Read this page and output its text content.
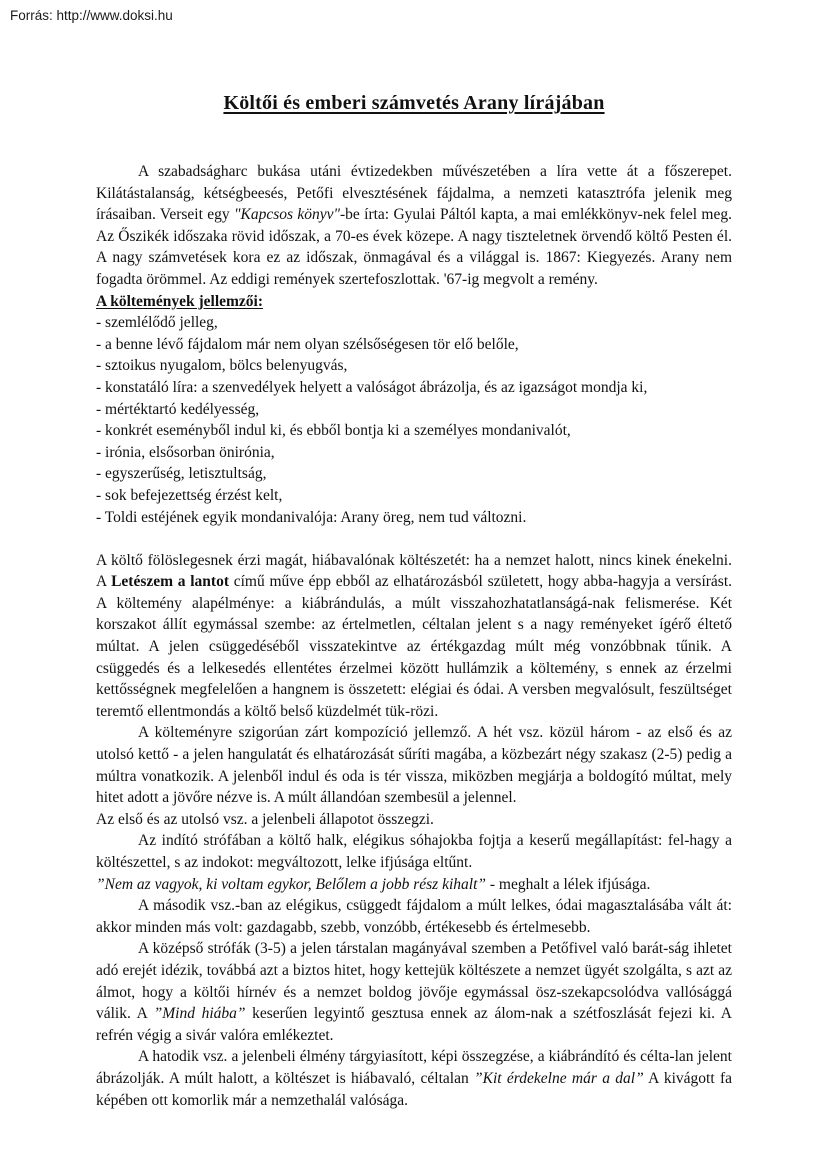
Forrás: http://www.doksi.hu
Költői és emberi számvetés Arany lírájában

A szabadságharc bukása utáni évtizedekben művészetében a líra vette át a főszerepet. Kilátástalanság, kétségbeesés, Petőfi elvesztésének fájdalma, a nemzeti katasztrófa jelenik meg írásaiban. Verseit egy "Kapcsos könyv"-be írta: Gyulai Páltól kapta, a mai emlékkönyv-nek felel meg. Az Őszikék időszaka rövid időszak, a 70-es évek közepe. A nagy tiszteletnek örvendő költő Pesten él. A nagy számvetések kora ez az időszak, önmagával és a világgal is. 1867: Kiegyezés. Arany nem fogadta örömmel. Az eddigi remények szertefoszlottak. '67-ig megvolt a remény.

A költemények jellemzői:

- szemlélődő jelleg,

- a benne lévő fájdalom már nem olyan szélsőségesen tör elő belőle,

- sztoikus nyugalom, bölcs belenyugvás,

- konstatáló líra: a szenvedélyek helyett a valóságot ábrázolja, és az igazságot mondja ki,

- mértéktartó kedélyesség,

- konkrét eseményből indul ki, és ebből bontja ki a személyes mondanivalót,

- irónia, elsősorban önirónia,

- egyszerűség, letisztultság,

- sok befejezettség érzést kelt,

- Toldi estéjének egyik mondanivalója: Arany öreg, nem tud változni.

A költő fölöslegesnek érzi magát, hiábavalónak költészetét: ha a nemzet halott, nincs kinek énekelni. A Letészem a lantot című műve épp ebből az elhatározásból született, hogy abba-hagyja a versírást. A költemény alapélménye: a kiábrándulás, a múlt visszahozhatatlanságá-nak felismerése. Két korszakot állít egymással szembe: az értelmetlen, céltalan jelent s a nagy reményeket ígérő éltető múltat. A jelen csüggedéséből visszatekintve az értékgazdag múlt még vonzóbbnak tűnik. A csüggedés és a lelkesedés ellentétes érzelmei között hullámzik a költemény, s ennek az érzelmi kettősségnek megfelelően a hangnem is összetett: elégiai és ódai. A versben megvalósult, feszültséget teremtő ellentmondás a költő belső küzdelmét tük-rözi.

A költeményre szigorúan zárt kompozíció jellemző. A hét vsz. közül három - az első és az utolsó kettő - a jelen hangulatát és elhatározását sűríti magába, a közbezárt négy szakasz (2-5) pedig a múltra vonatkozik. A jelenből indul és oda is tér vissza, miközben megjárja a boldogító múltat, mely hitet adott a jövőre nézve is. A múlt állandóan szembesül a jelennel.

Az első és az utolsó vsz. a jelenbeli állapotot összegzi.

Az indító strófában a költő halk, elégikus sóhajokba fojtja a keserű megállapítást: fel-hagy a költészettel, s az indokot: megváltozott, lelke ifjúsága eltűnt.

”Nem az vagyok, ki voltam egykor, Belőlem a jobb rész kihalt” - meghalt a lélek ifjúsága.

A második vsz.-ban az elégikus, csüggedt fájdalom a múlt lelkes, ódai magasztalásába vált át: akkor minden más volt: gazdagabb, szebb, vonzóbb, értékesebb és értelmesebb.

A középső strófák (3-5) a jelen társtalan magányával szemben a Petőfivel való barát-ság ihletet adó erejét idézik, továbbá azt a biztos hitet, hogy kettejük költészete a nemzet ügyét szolgálta, s azt az álmot, hogy a költői hírnév és a nemzet boldog jövője egymással ösz-szekapcsolódva vallósággá válik. A ”Mind hiába” keserűen legyintő gesztusa ennek az álom-nak a szétfoszlását fejezi ki. A refrén végig a sivár valóra emlékeztet.

A hatodik vsz. a jelenbeli élmény tárgyiasított, képi összegzése, a kiábrándító és célta-lan jelent ábrázolják. A múlt halott, a költészet is hiábavaló, céltalan ”Kit érdekelne már a dal” A kivágott fa képében ott komorlik már a nemzethalál valósága.
